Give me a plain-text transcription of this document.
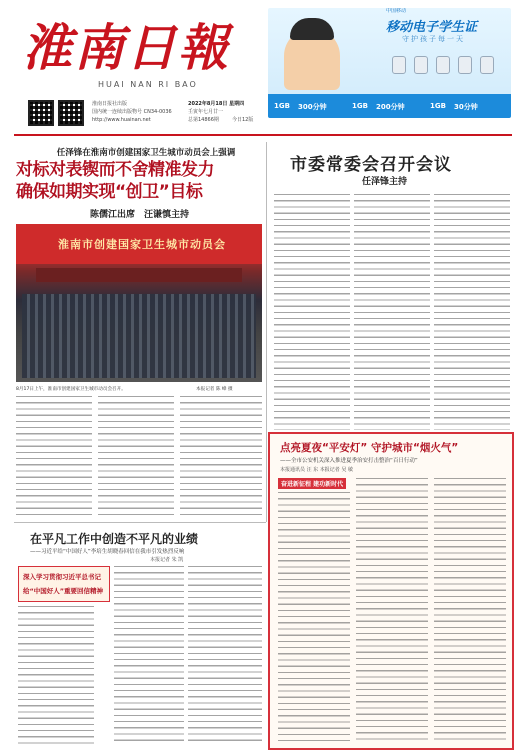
淮南日報
HUAI NAN RI BAO
淮南日报社出版
国内统一连续出版物号 CN34-0036
http://www.huainan.net
2022年8月18日 星期四
壬寅年七月廿一
总第14866期	今日12版
中国移动
移动电子学生证
守护孩子每一天
1GB 300分钟	1GB 200分钟	1GB 30分钟
任泽锋在淮南市创建国家卫生城市动员会上强调
对标对表锲而不舍精准发力
确保如期实现“创卫”目标
陈儒江出席　汪谦慎主持
淮南市创建国家卫生城市动员会
8月17日上午，淮南市创建国家卫生城市动员会召开。	本报记者 陈 峰 摄
市委常委会召开会议
任泽锋主持
在平凡工作中创造不平凡的业绩
——习近平给“中国好人”李培生胡晓春回信在我市引发热烈反响
本报记者 朱 凯
深入学习贯彻习近平总书记
给“中国好人”重要回信精神
点亮夏夜“平安灯” 守护城市“烟火气”
——全市公安机关深入推进夏季治安打击整治“百日行动”
本报通讯员 汪 东 本报记者 吴 敏
奋进新征程 建功新时代
